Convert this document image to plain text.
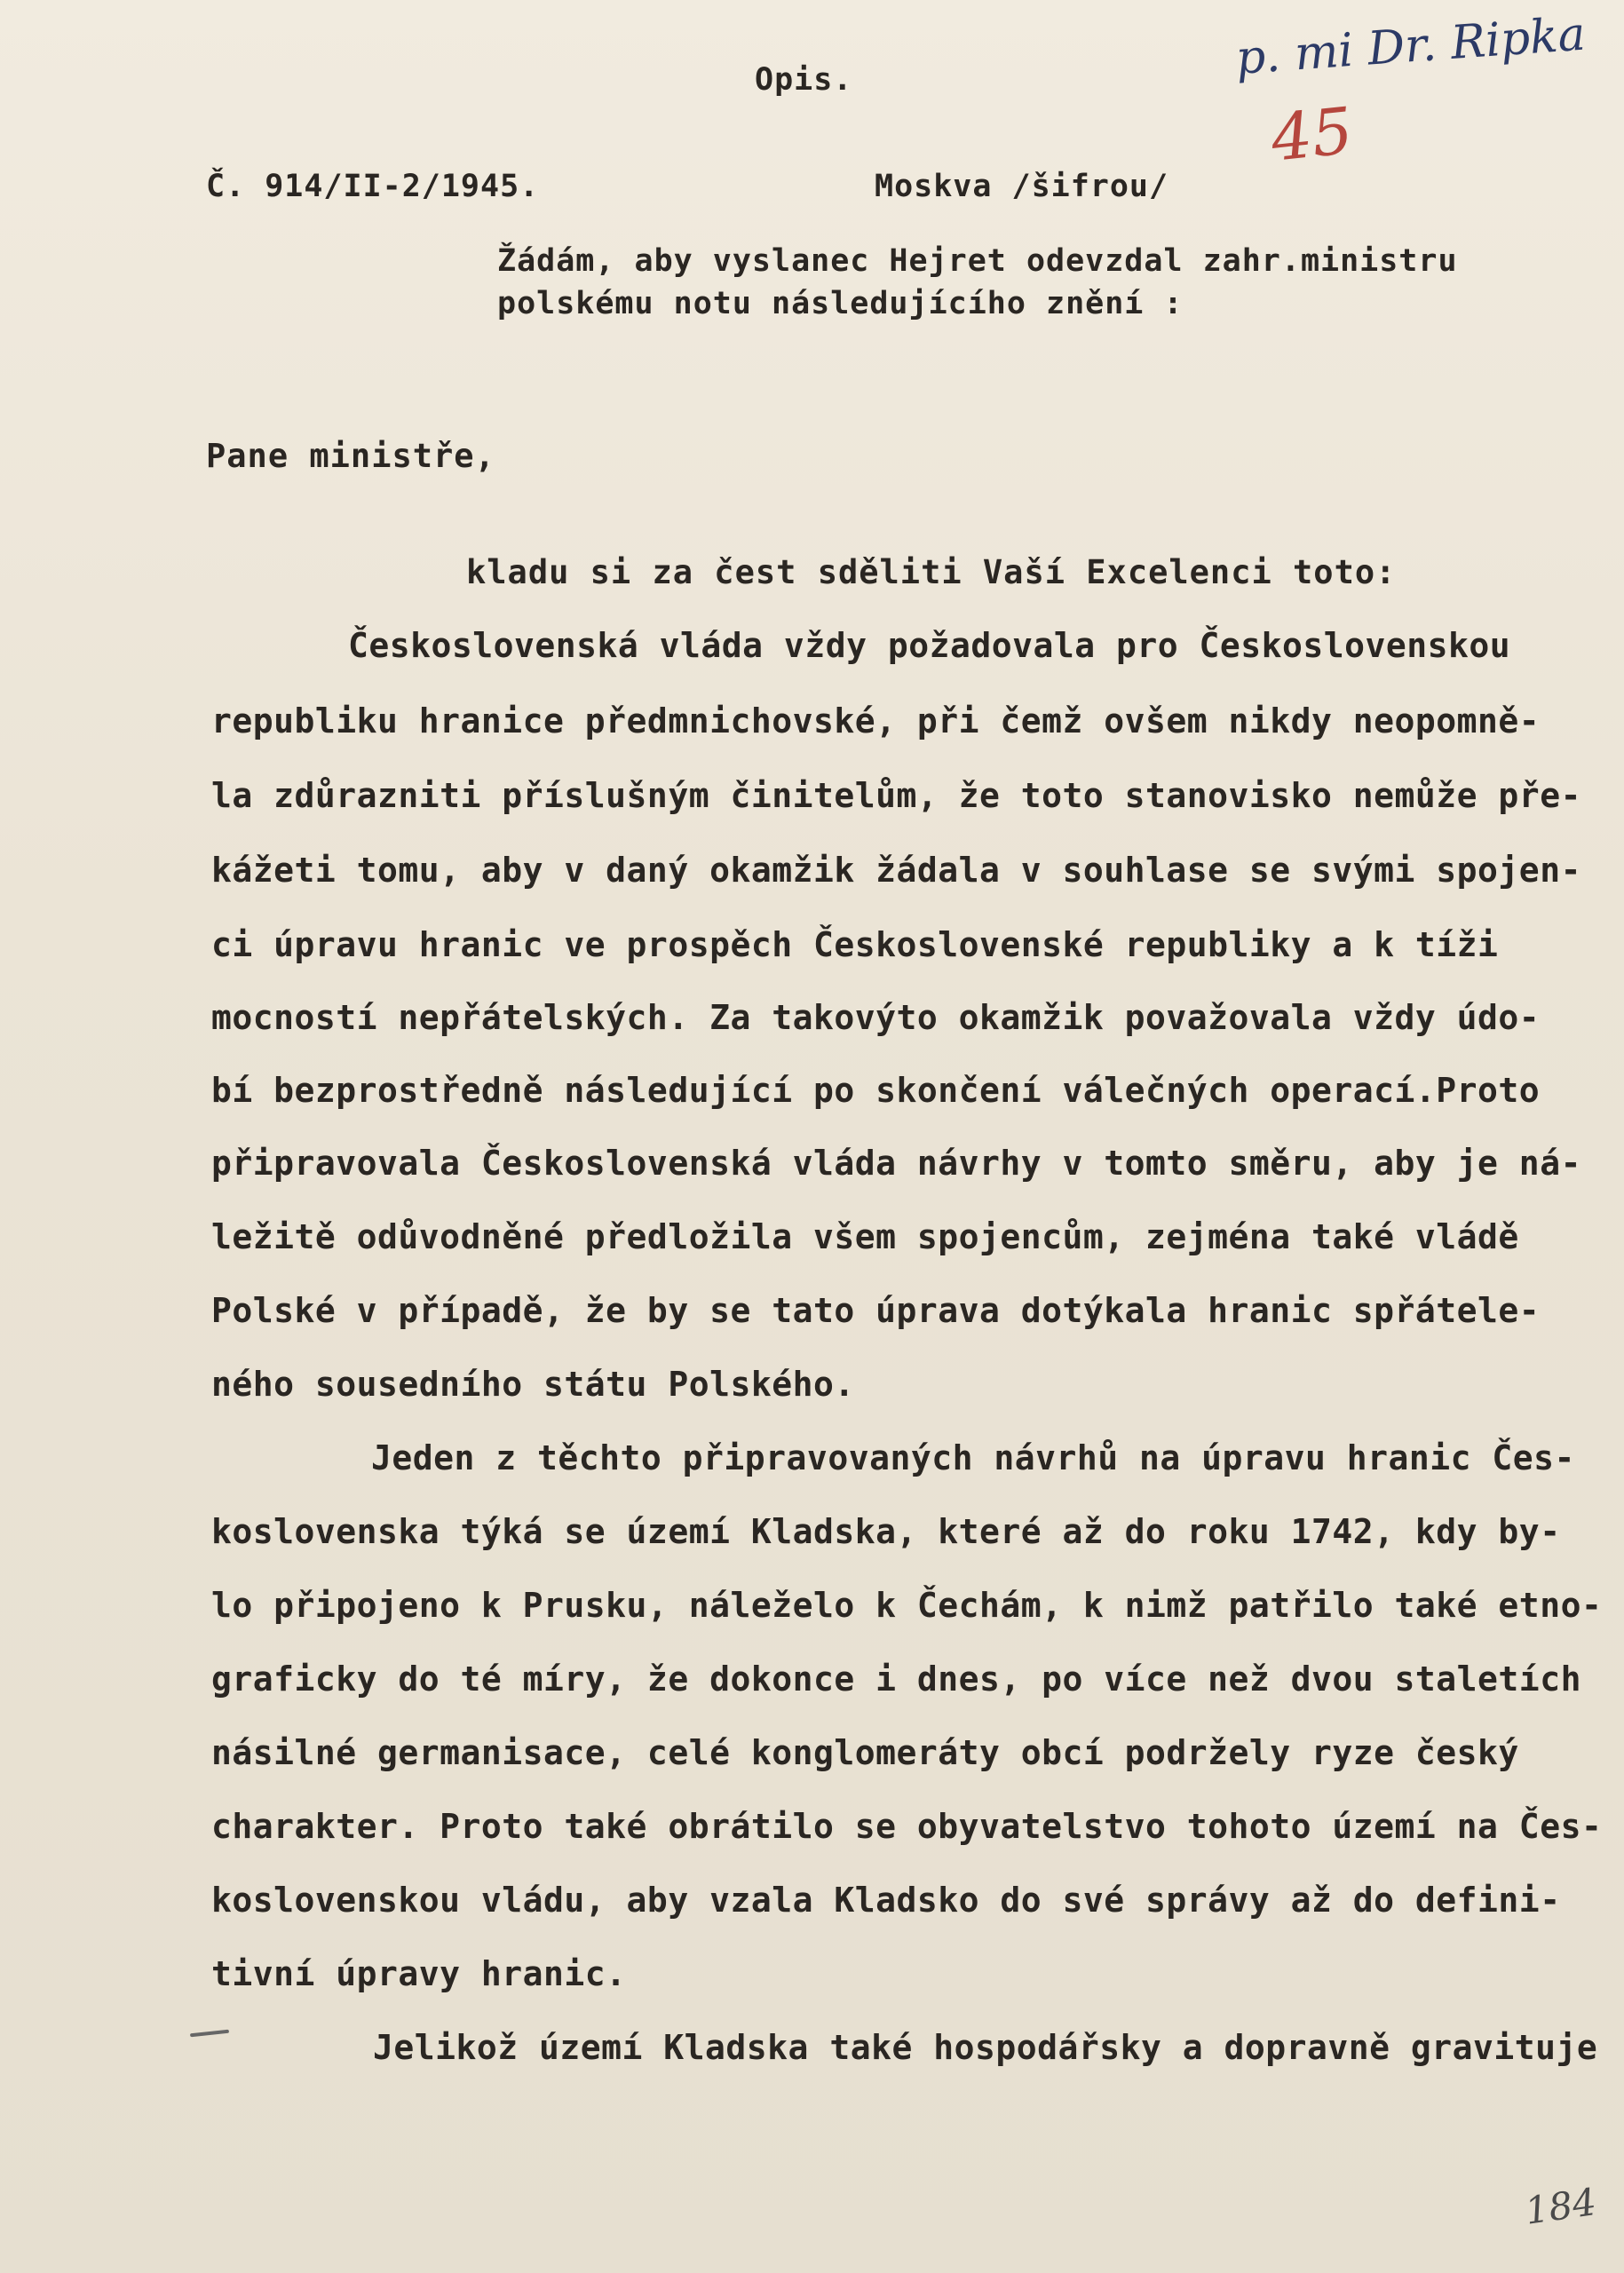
Opis.	p. mi Dr. Ripka
45
Č. 914/II-2/1945.	Moskva /šifrou/
Žádám, aby vyslanec Hejret odevzdal zahr.ministru
polskému notu následujícího znění :
Pane ministře,
kladu si za čest sděliti Vaší Excelenci toto:
Československá vláda vždy požadovala pro Československou
republiku hranice předmnichovské, při čemž ovšem nikdy neopomně-
la zdůrazniti příslušným činitelům, že toto stanovisko nemůže pře-
kážeti tomu, aby v daný okamžik žádala v souhlase se svými spojen-
ci úpravu hranic ve prospěch Československé republiky a k tíži
mocností nepřátelských. Za takovýto okamžik považovala vždy údo-
bí bezprostředně následující po skončení válečných operací.Proto
připravovala Československá vláda návrhy v tomto směru, aby je ná-
ležitě odůvodněné předložila všem spojencům, zejména také vládě
Polské v případě, že by se tato úprava dotýkala hranic spřátele-
ného sousedního státu Polského.
Jeden z těchto připravovaných návrhů na úpravu hranic Čes-
koslovenska týká se území Kladska, které až do roku 1742, kdy by-
lo připojeno k Prusku, náleželo k Čechám, k nimž patřilo také etno-
graficky do té míry, že dokonce i dnes, po více než dvou staletích
násilné germanisace, celé konglomeráty obcí podržely ryze český
charakter. Proto také obrátilo se obyvatelstvo tohoto území na Čes-
koslovenskou vládu, aby vzala Kladsko do své správy až do defini-
tivní úpravy hranic.
Jelikož území Kladska také hospodářsky a dopravně gravituje
184
